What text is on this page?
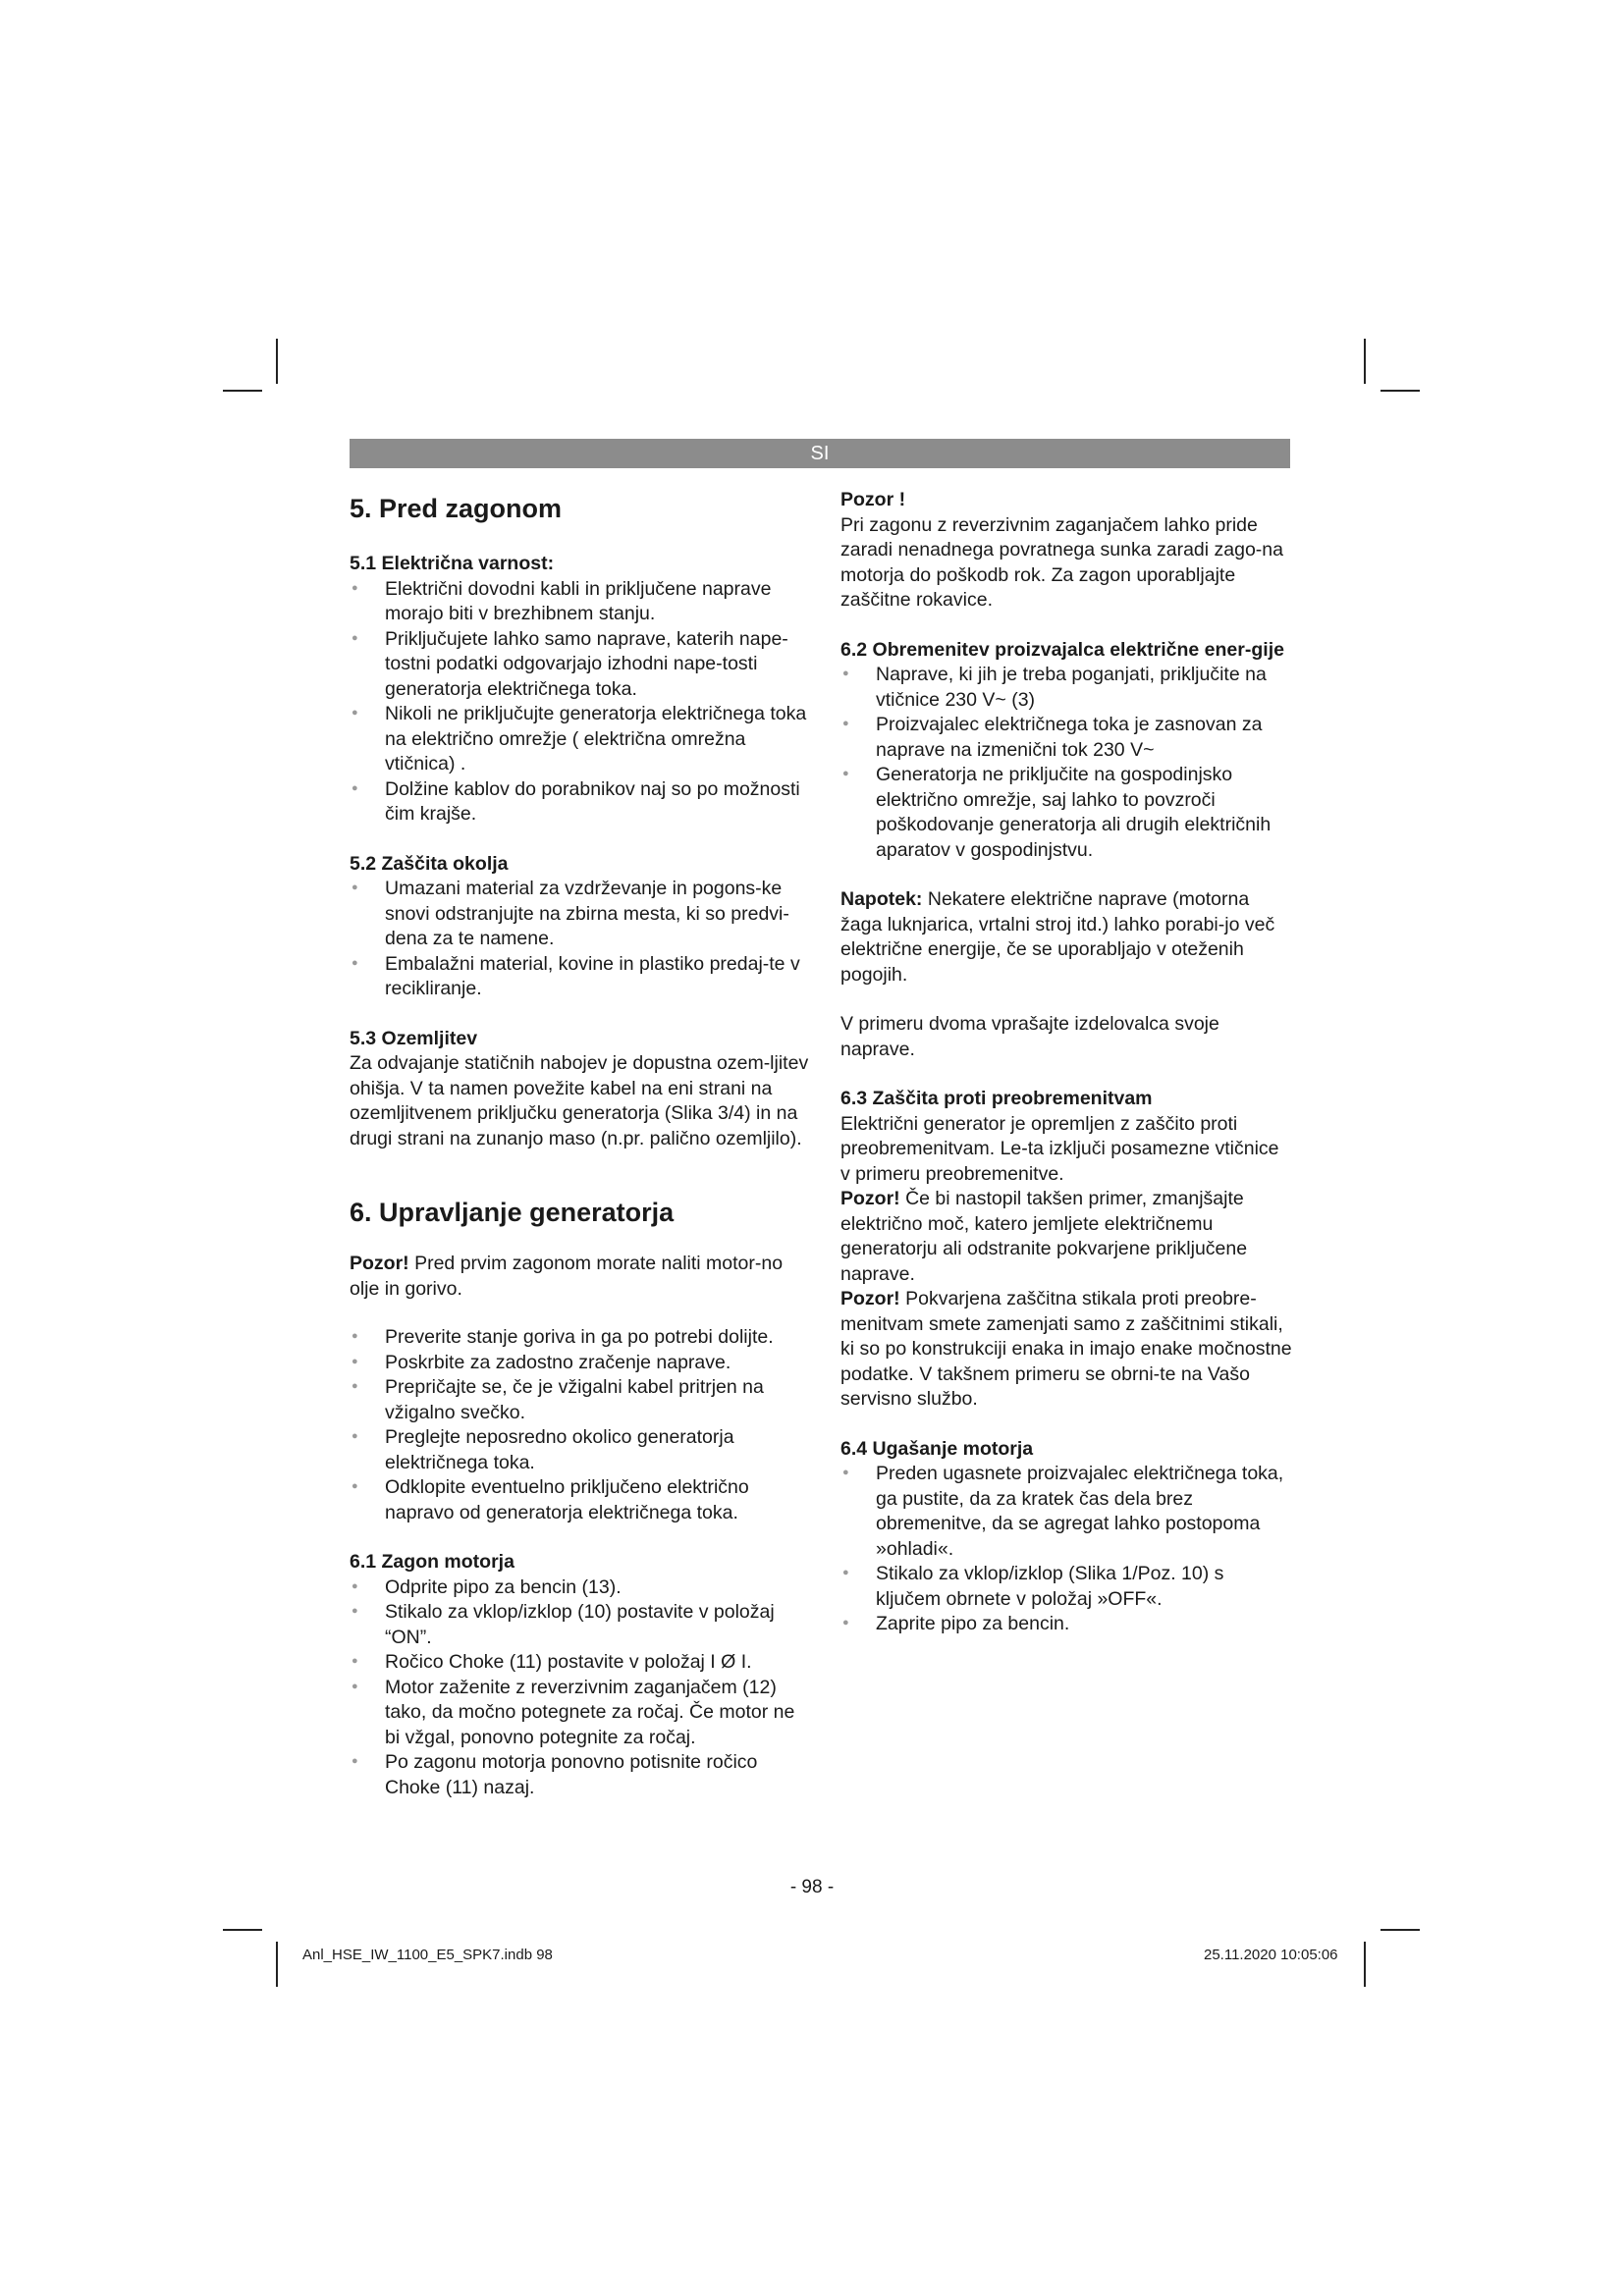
SI
5. Pred zagonom
5.1 Električna varnost:
● Električni dovodni kabli in priključene naprave morajo biti v brezhibnem stanju.
● Priključujete lahko samo naprave, katerih nape-tostni podatki odgovarjajo izhodni nape-tosti generatorja električnega toka.
● Nikoli ne priključujte generatorja električnega toka na električno omrežje ( električna omrežna vtičnica) .
● Dolžine kablov do porabnikov naj so po možnosti čim krajše.
5.2 Zaščita okolja
● Umazani material za vzdrževanje in pogons-ke snovi odstranjujte na zbirna mesta, ki so predvi-dena za te namene.
● Embalažni material, kovine in plastiko predaj-te v recikliranje.
5.3 Ozemljitev

Za odvajanje statičnih nabojev je dopustna ozem-ljitev ohišja. V ta namen povežite kabel na eni strani na ozemljitvenem priključku generatorja (Slika 3/4) in na drugi strani na zunanjo maso (n.pr. palično ozemljilo).

6. Upravljanje generatorja

Pozor! Pred prvim zagonom morate naliti motor-no olje in gorivo.

● Preverite stanje goriva in ga po potrebi dolijte.
● Poskrbite za zadostno zračenje naprave.
● Prepričajte se, če je vžigalni kabel pritrjen na vžigalno svečko.
● Preglejte neposredno okolico generatorja električnega toka.
● Odklopite eventuelno priključeno električno napravo od generatorja električnega toka.
6.1 Zagon motorja
● Odprite pipo za bencin (13).
● Stikalo za vklop/izklop (10) postavite v položaj “ON”.
● Ročico Choke (11) postavite v položaj I Ø I.
● Motor zaženite z reverzivnim zaganjačem (12) tako, da močno potegnete za ročaj. Če motor ne bi vžgal, ponovno potegnite za ročaj.
● Po zagonu motorja ponovno potisnite ročico Choke (11) nazaj.
Pozor !

Pri zagonu z reverzivnim zaganjačem lahko pride zaradi nenadnega povratnega sunka zaradi zago-na motorja do poškodb rok. Za zagon uporabljajte zaščitne rokavice.

6.2 Obremenitev proizvajalca električne ener-gije
● Naprave, ki jih je treba poganjati, priključite na vtičnice 230 V~ (3)
● Proizvajalec električnega toka je zasnovan za naprave na izmenični tok 230 V~
● Generatorja ne priključite na gospodinjsko električno omrežje, saj lahko to povzroči poškodovanje generatorja ali drugih električnih aparatov v gospodinjstvu.

Napotek: Nekatere električne naprave (motorna žaga luknjarica, vrtalni stroj itd.) lahko porabi-jo več električne energije, če se uporabljajo v oteženih pogojih.

V primeru dvoma vprašajte izdelovalca svoje naprave.

6.3 Zaščita proti preobremenitvam

Električni generator je opremljen z zaščito proti preobremenitvam. Le-ta izključi posamezne vtičnice v primeru preobremenitve.

Pozor! Če bi nastopil takšen primer, zmanjšajte električno moč, katero jemljete električnemu generatorju ali odstranite pokvarjene priključene naprave.

Pozor! Pokvarjena zaščitna stikala proti preobre-menitvam smete zamenjati samo z zaščitnimi stikali, ki so po konstrukciji enaka in imajo enake močnostne podatke. V takšnem primeru se obrni-te na Vašo servisno službo.

6.4 Ugašanje motorja
● Preden ugasnete proizvajalec električnega toka, ga pustite, da za kratek čas dela brez obremenitve, da se agregat lahko postopoma »ohladi«.
● Stikalo za vklop/izklop (Slika 1/Poz. 10) s ključem obrnete v položaj »OFF«.
● Zaprite pipo za bencin.
- 98 -
Anl_HSE_IW_1100_E5_SPK7.indb 98	25.11.2020 10:05:06
